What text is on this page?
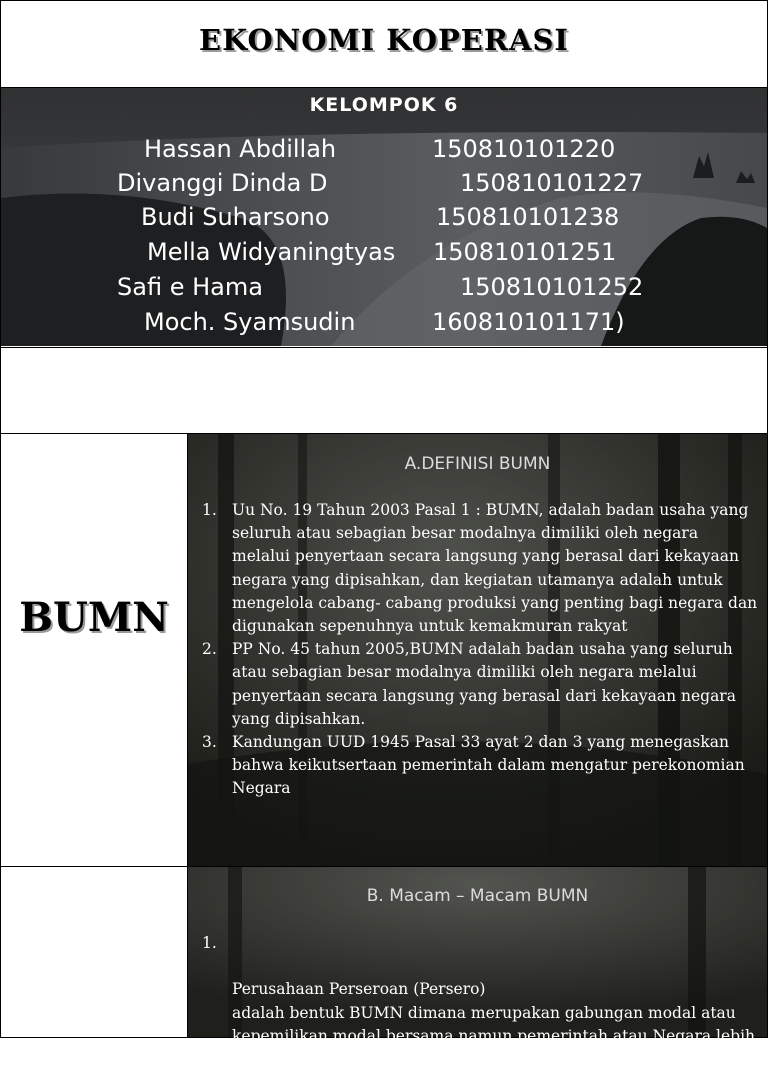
EKONOMI KOPERASI
KELOMPOK 6
Hassan Abdillah	150810101220
Divanggi Dinda D	150810101227
Budi Suharsono	150810101238
Mella Widyaningtyas 150810101251
Safi e Hama	150810101252
Moch. Syamsudin	160810101171)
BUMN
A.DEFINISI BUMN
1. Uu No. 19 Tahun 2003 Pasal 1 : BUMN, adalah badan usaha yang seluruh atau sebagian besar modalnya dimiliki oleh negara melalui penyertaan secara langsung yang berasal dari kekayaan negara yang dipisahkan, dan kegiatan utamanya adalah untuk mengelola cabang- cabang produksi yang penting bagi negara dan digunakan sepenuhnya untuk kemakmuran rakyat
2. PP No. 45 tahun 2005,BUMN adalah badan usaha yang seluruh atau sebagian besar modalnya dimiliki oleh negara melalui penyertaan secara langsung yang berasal dari kekayaan negara yang dipisahkan.
3. Kandungan UUD 1945 Pasal 33 ayat 2 dan 3 yang menegaskan bahwa keikutsertaan pemerintah dalam mengatur perekonomian Negara
B. Macam – Macam BUMN

1.

Perusahaan Perseroan (Persero)
adalah bentuk BUMN dimana merupakan gabungan modal atau kepemilikan modal bersama namun pemerintah atau Negara lebih dominan dalam mengendalikan
